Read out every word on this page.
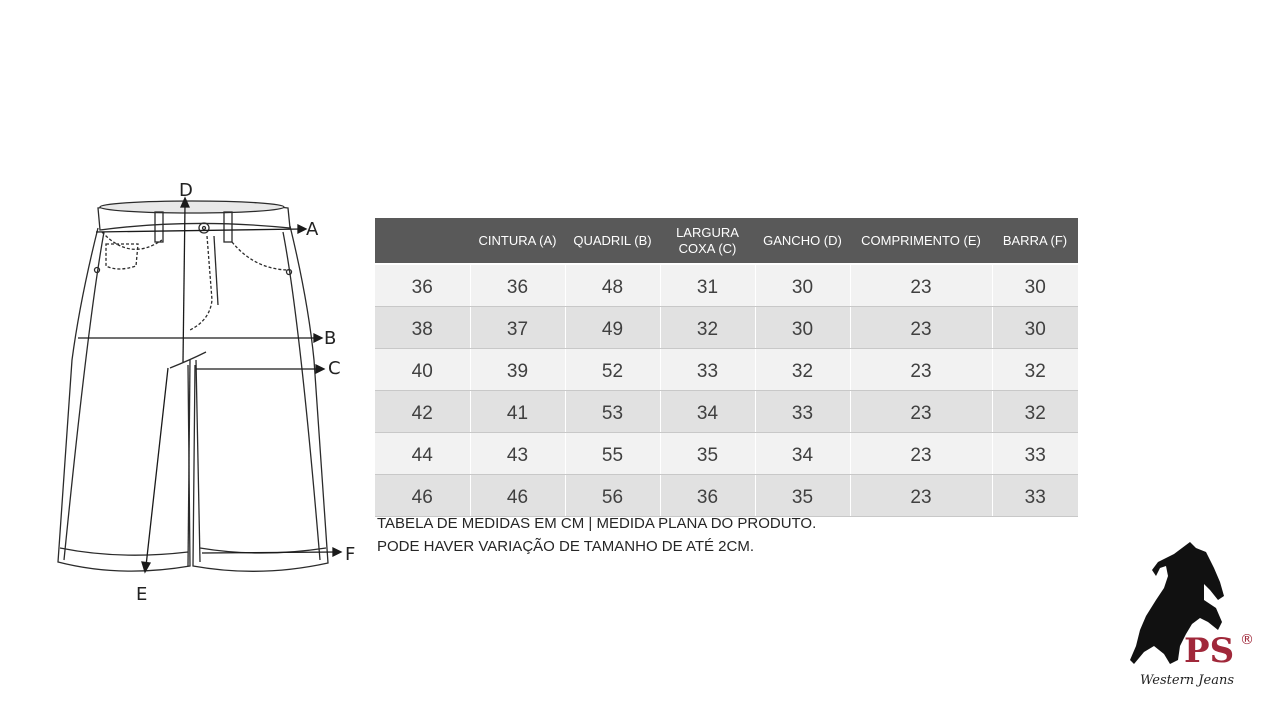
D
A
B
C
F
E
	CINTURA (A)	QUADRIL (B)	LARGURA COXA (C)	GANCHO (D)	COMPRIMENTO (E)	BARRA (F)
36	36	48	31	30	23	30
38	37	49	32	30	23	30
40	39	52	33	32	23	32
42	41	53	34	33	23	32
44	43	55	35	34	23	33
46	46	56	36	35	23	33
TABELA DE MEDIDAS EM CM | MEDIDA PLANA DO PRODUTO.
PODE HAVER VARIAÇÃO DE TAMANHO DE ATÉ 2CM.
PS ®
Western Jeans
